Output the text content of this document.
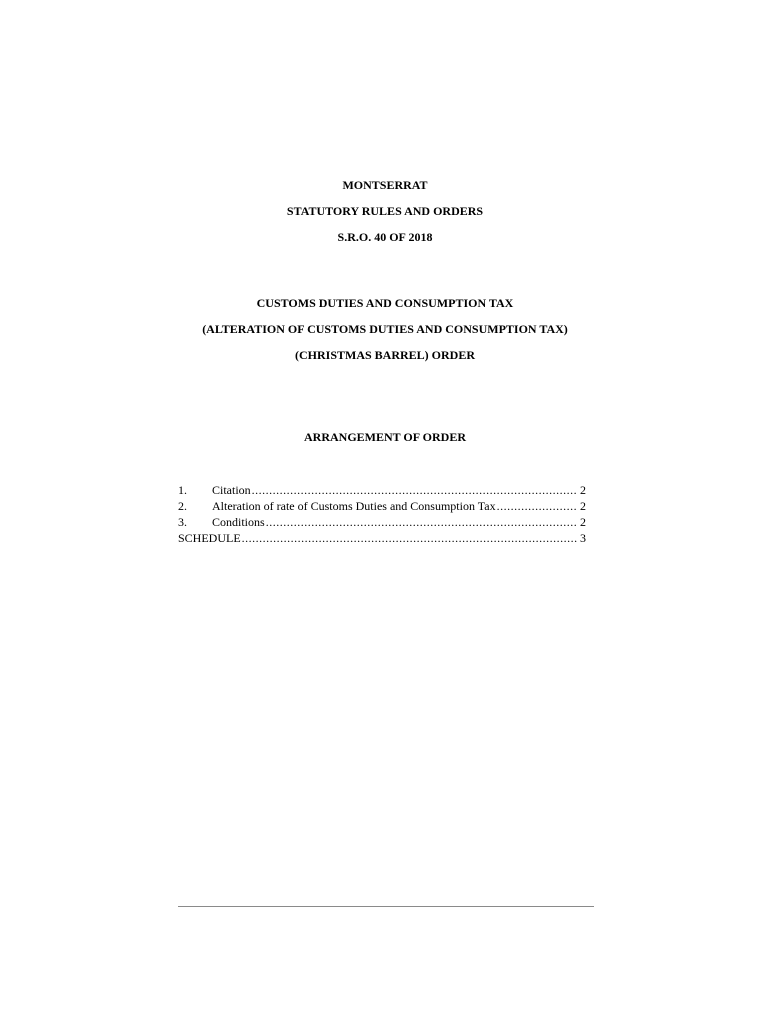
MONTSERRAT
STATUTORY RULES AND ORDERS
S.R.O. 40 OF 2018
CUSTOMS DUTIES AND CONSUMPTION TAX
(ALTERATION OF CUSTOMS DUTIES AND CONSUMPTION TAX)
(CHRISTMAS BARREL) ORDER
ARRANGEMENT OF ORDER
1.	Citation .....	2
2.	Alteration of rate of Customs Duties and Consumption Tax .....	2
3.	Conditions .....	2
SCHEDULE .....	3
